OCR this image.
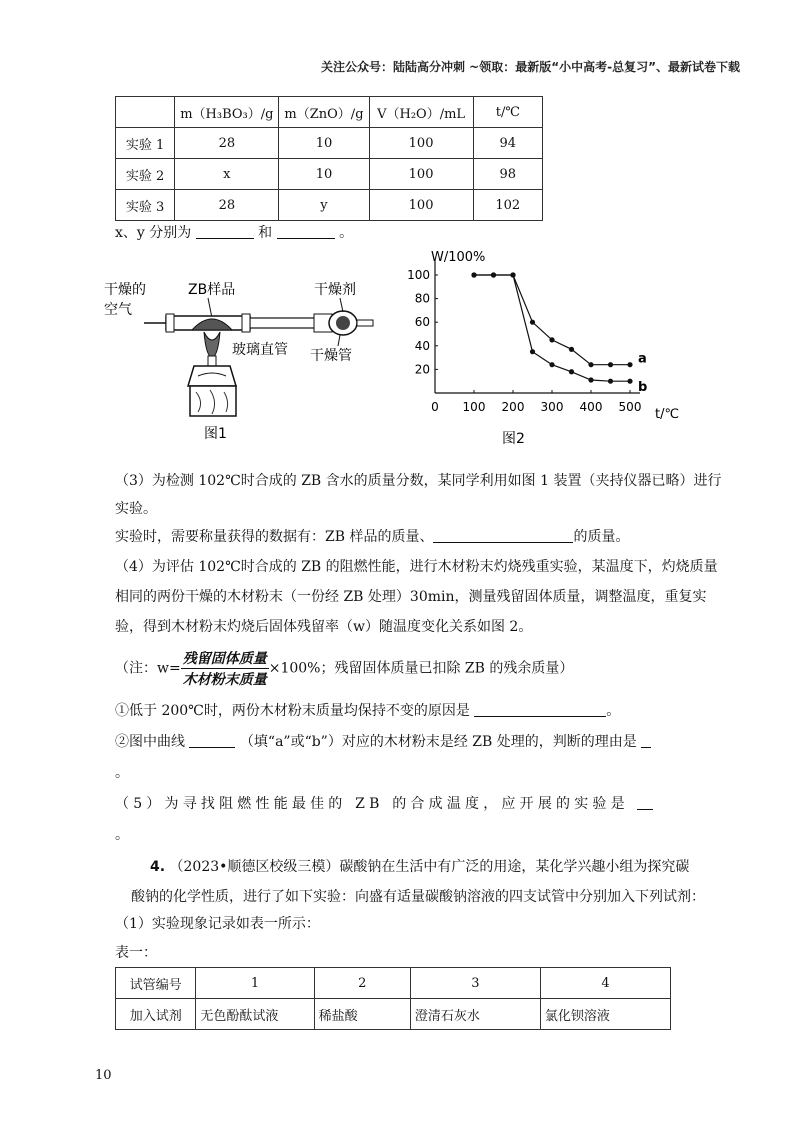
关注公众号：陆陆高分冲刺 ~领取：最新版“小中高考-总复习”、最新试卷下载
	m（H₃BO₃）/g	m（ZnO）/g	V（H₂O）/mL	t/℃
实验 1	28	10	100	94
实验 2	x	10	100	98
实验 3	28	y	100	102
x、y 分别为	和	。
干燥的
空气
ZB样品	干燥剂
干燥管
玻璃直管
图1
W/100%
0 100 200 300 400 500
20
40
60
80
100
a
b
t/℃
图2
（3）为检测 102℃时合成的 ZB 含水的质量分数，某同学利用如图 1 装置（夹持仪器已略）进行
实验。
实验时，需要称量获得的数据有：ZB 样品的质量、	的质量。
（4）为评估 102℃时合成的 ZB 的阻燃性能，进行木材粉末灼烧残重实验，某温度下，灼烧质量
相同的两份干燥的木材粉末（一份经 ZB 处理）30min，测量残留固体质量，调整温度，重复实
验，得到木材粉末灼烧后固体残留率（w）随温度变化关系如图 2。
（注：$w= \frac{\text{残留固体质量}}{\text{木材粉末质量}} \times 100\%$；残留固体质量已扣除 ZB 的残余质量）
①低于 200℃时，两份木材粉末质量均保持不变的原因是	。
②图中曲线	（填“a”或“b”）对应的木材粉末是经 ZB 处理的，判断的理由是
。
（5）为寻找阻燃性能最佳的 ZB 的合成温度，应开展的实验是
。
4. （2023•顺德区校级三模）碳酸钠在生活中有广泛的用途，某化学兴趣小组为探究碳
酸钠的化学性质，进行了如下实验：向盛有适量碳酸钠溶液的四支试管中分别加入下列试剂：
（1）实验现象记录如表一所示：
表一：
试管编号	1	2	3	4
加入试剂	无色酚酞试液	稀盐酸	澄清石灰水	氯化钡溶液
10
